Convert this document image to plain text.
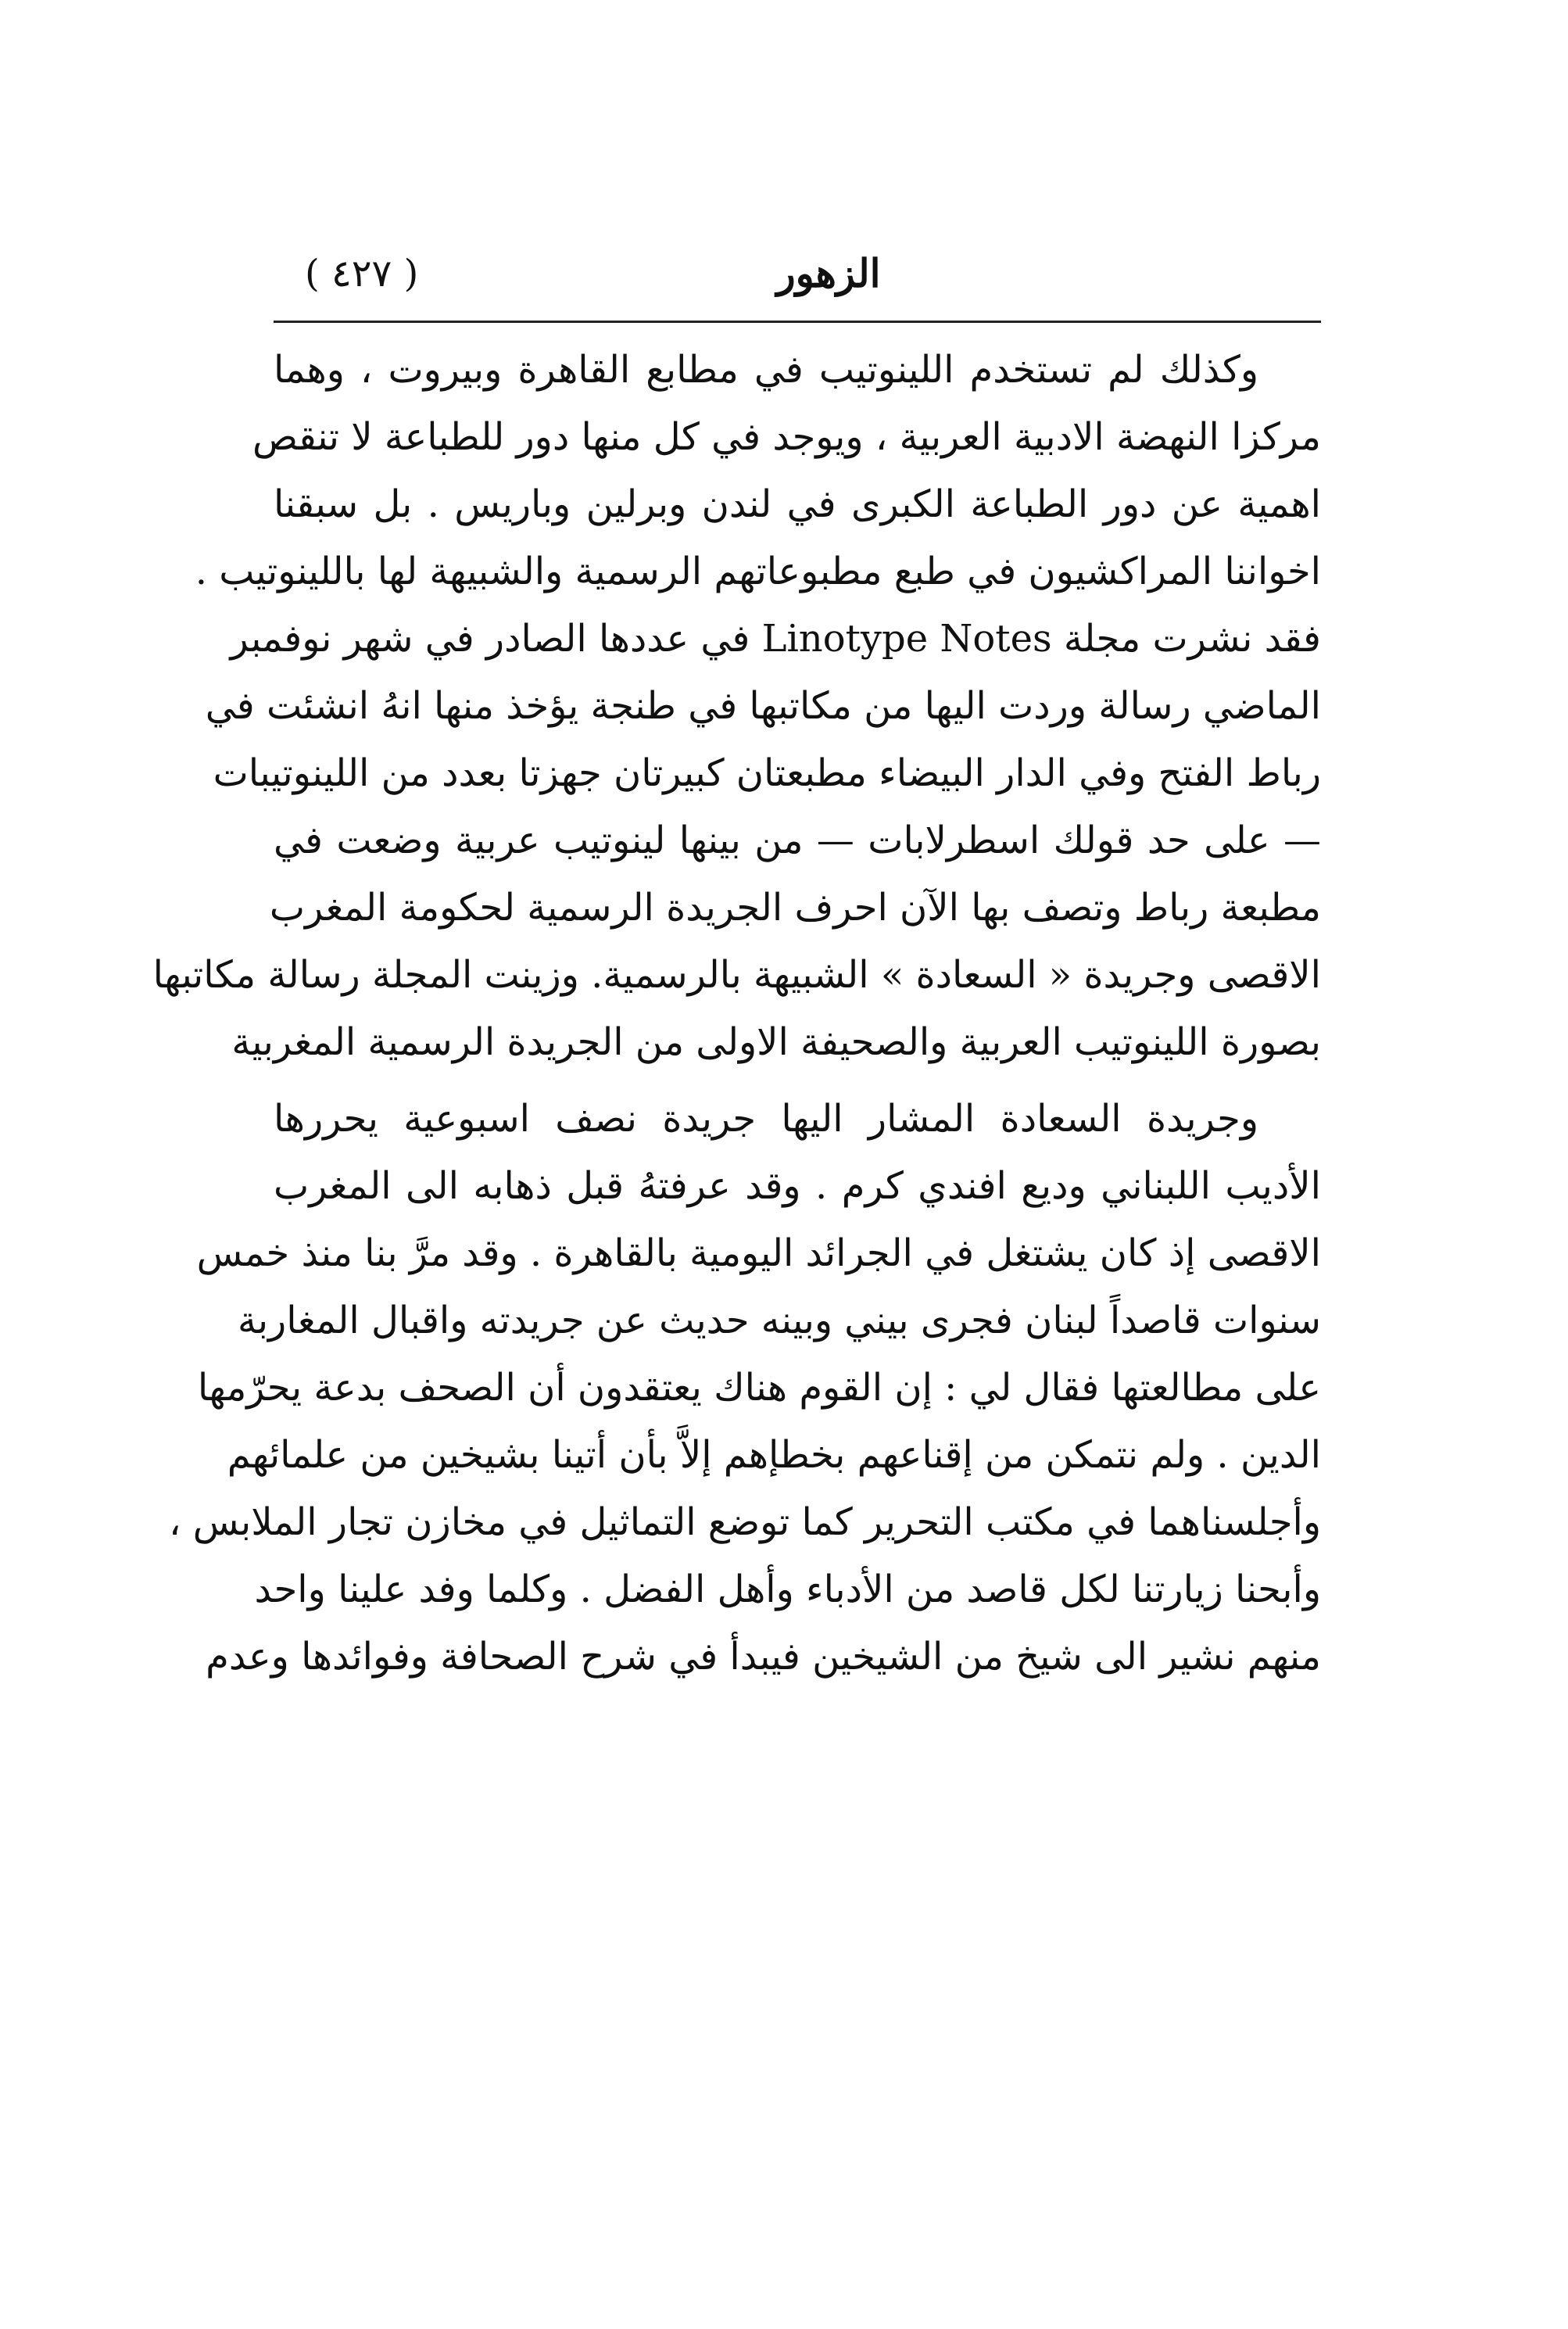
الزهور
( ٤٢٧ )
وكذلك لم تستخدم اللينوتيب في مطابع القاهرة وبيروت ، وهما
مركزا النهضة الادبية العربية ، ويوجد في كل منها دور للطباعة لا تنقص
اهمية عن دور الطباعة الكبرى في لندن وبرلين وباريس . بل سبقنا
اخواننا المراكشيون في طبع مطبوعاتهم الرسمية والشبيهة لها باللينوتيب .
فقد نشرت مجلة Linotype Notes في عددها الصادر في شهر نوفمبر
الماضي رسالة وردت اليها من مكاتبها في طنجة يؤخذ منها انهُ انشئت في
رباط الفتح وفي الدار البيضاء مطبعتان كبيرتان جهزتا بعدد من اللينوتيبات
— على حد قولك اسطرلابات — من بينها لينوتيب عربية وضعت في
مطبعة رباط وتصف بها الآن احرف الجريدة الرسمية لحكومة المغرب
الاقصى وجريدة « السعادة » الشبيهة بالرسمية. وزينت المجلة رسالة مكاتبها
بصورة اللينوتيب العربية والصحيفة الاولى من الجريدة الرسمية المغربية
وجريدة السعادة المشار اليها جريدة نصف اسبوعية يحررها
الأديب اللبناني وديع افندي كرم . وقد عرفتهُ قبل ذهابه الى المغرب
الاقصى إذ كان يشتغل في الجرائد اليومية بالقاهرة . وقد مرَّ بنا منذ خمس
سنوات قاصداً لبنان فجرى بيني وبينه حديث عن جريدته واقبال المغاربة
على مطالعتها فقال لي : إن القوم هناك يعتقدون أن الصحف بدعة يحرّمها
الدين . ولم نتمكن من إقناعهم بخطإهم إلاَّ بأن أتينا بشيخين من علمائهم
وأجلسناهما في مكتب التحرير كما توضع التماثيل في مخازن تجار الملابس ،
وأبحنا زيارتنا لكل قاصد من الأدباء وأهل الفضل . وكلما وفد علينا واحد
منهم نشير الى شيخ من الشيخين فيبدأ في شرح الصحافة وفوائدها وعدم
